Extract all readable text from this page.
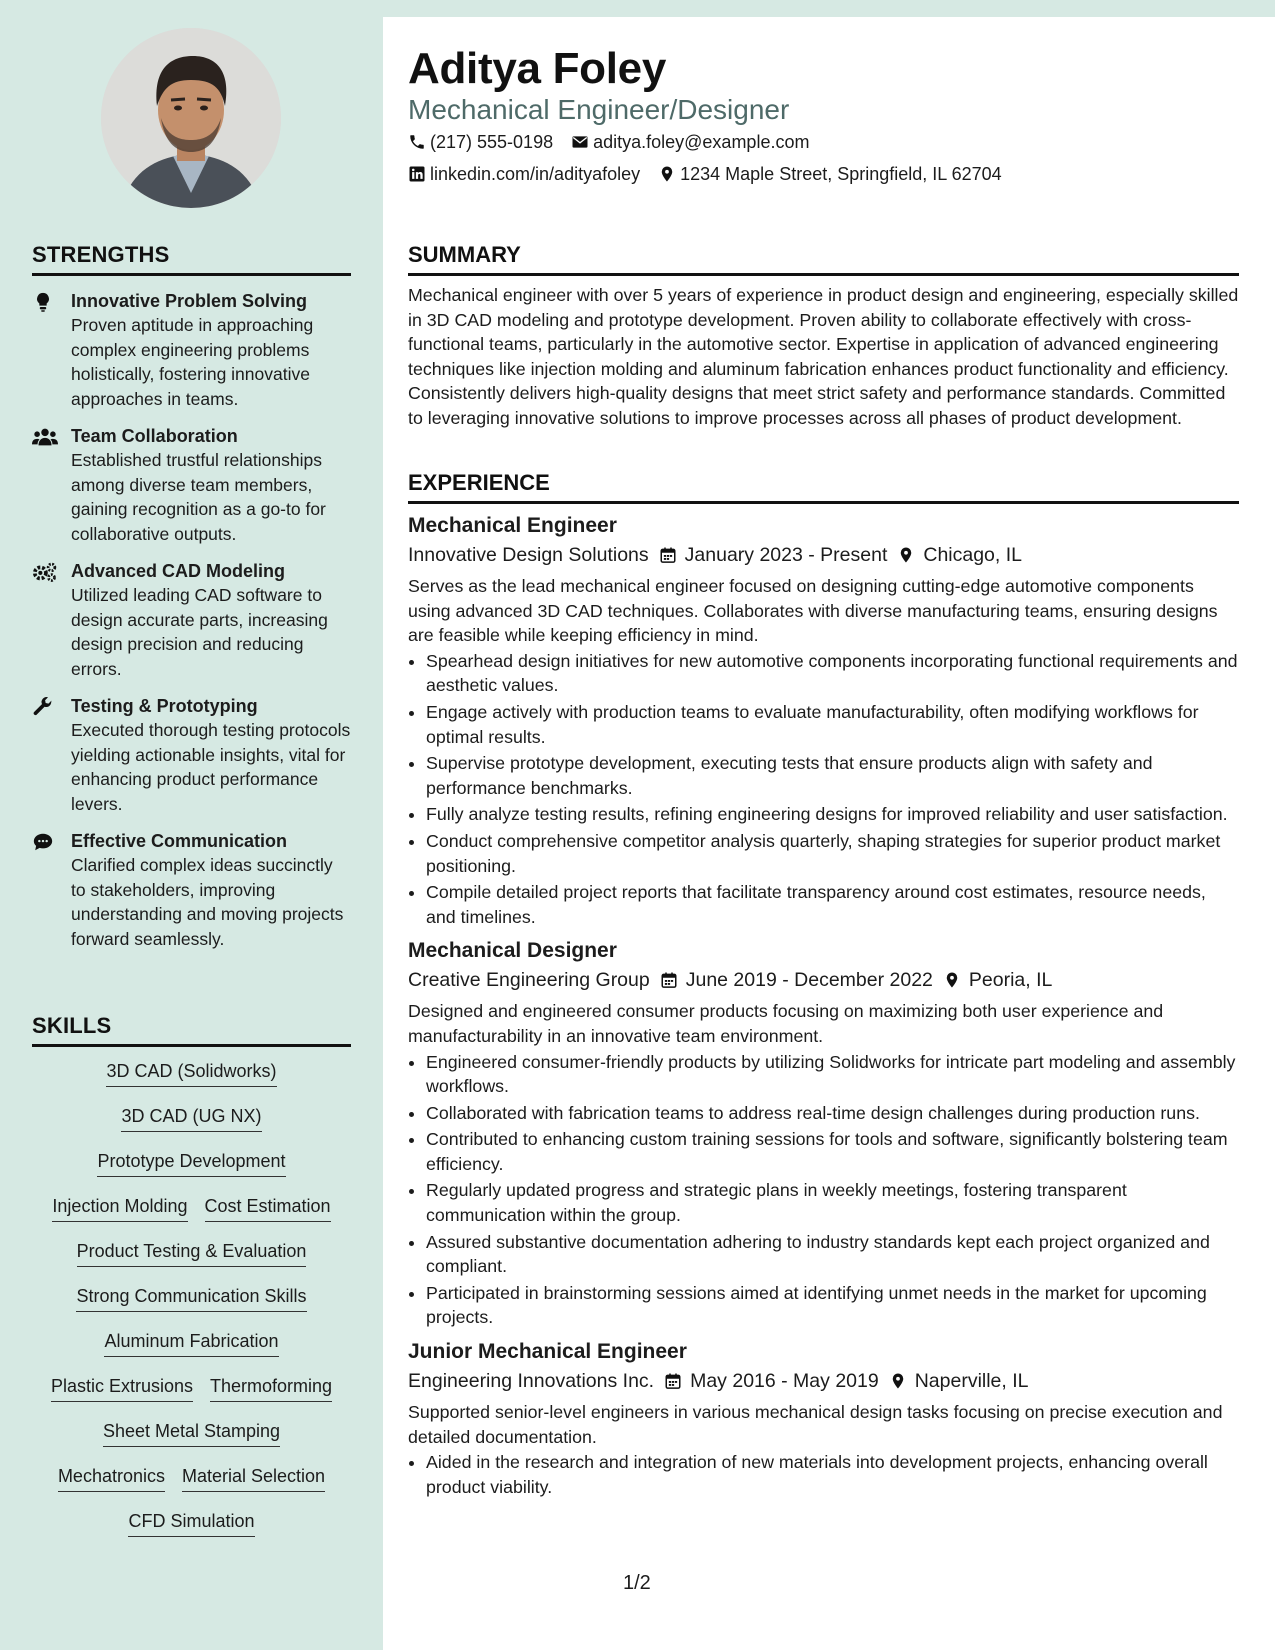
STRENGTHS
Innovative Problem Solving
Proven aptitude in approaching complex engineering problems holistically, fostering innovative approaches in teams.
Team Collaboration
Established trustful relationships among diverse team members, gaining recognition as a go-to for collaborative outputs.
Advanced CAD Modeling
Utilized leading CAD software to design accurate parts, increasing design precision and reducing errors.
Testing & Prototyping
Executed thorough testing protocols yielding actionable insights, vital for enhancing product performance levers.
Effective Communication
Clarified complex ideas succinctly to stakeholders, improving understanding and moving projects forward seamlessly.
SKILLS
3D CAD (Solidworks)
3D CAD (UG NX)
Prototype Development
Injection Molding Cost Estimation
Product Testing & Evaluation
Strong Communication Skills
Aluminum Fabrication
Plastic Extrusions Thermoforming
Sheet Metal Stamping
Mechatronics Material Selection
CFD Simulation
Aditya Foley
Mechanical Engineer/Designer
(217) 555-0198 aditya.foley@example.com
linkedin.com/in/adityafoley 1234 Maple Street, Springfield, IL 62704
SUMMARY

Mechanical engineer with over 5 years of experience in product design and engineering, especially skilled in 3D CAD modeling and prototype development. Proven ability to collaborate effectively with cross-functional teams, particularly in the automotive sector. Expertise in application of advanced engineering techniques like injection molding and aluminum fabrication enhances product functionality and efficiency. Consistently delivers high-quality designs that meet strict safety and performance standards. Committed to leveraging innovative solutions to improve processes across all phases of product development.

EXPERIENCE
Mechanical Engineer
Innovative Design Solutions January 2023 - Present Chicago, IL

Serves as the lead mechanical engineer focused on designing cutting-edge automotive components using advanced 3D CAD techniques. Collaborates with diverse manufacturing teams, ensuring designs are feasible while keeping efficiency in mind.

• Spearhead design initiatives for new automotive components incorporating functional requirements and aesthetic values.
• Engage actively with production teams to evaluate manufacturability, often modifying workflows for optimal results.
• Supervise prototype development, executing tests that ensure products align with safety and performance benchmarks.
• Fully analyze testing results, refining engineering designs for improved reliability and user satisfaction.
• Conduct comprehensive competitor analysis quarterly, shaping strategies for superior product market positioning.
• Compile detailed project reports that facilitate transparency around cost estimates, resource needs, and timelines.
Mechanical Designer
Creative Engineering Group June 2019 - December 2022 Peoria, IL

Designed and engineered consumer products focusing on maximizing both user experience and manufacturability in an innovative team environment.

• Engineered consumer-friendly products by utilizing Solidworks for intricate part modeling and assembly workflows.
• Collaborated with fabrication teams to address real-time design challenges during production runs.
• Contributed to enhancing custom training sessions for tools and software, significantly bolstering team efficiency.
• Regularly updated progress and strategic plans in weekly meetings, fostering transparent communication within the group.
• Assured substantive documentation adhering to industry standards kept each project organized and compliant.
• Participated in brainstorming sessions aimed at identifying unmet needs in the market for upcoming projects.
Junior Mechanical Engineer
Engineering Innovations Inc. May 2016 - May 2019 Naperville, IL

Supported senior-level engineers in various mechanical design tasks focusing on precise execution and detailed documentation.

• Aided in the research and integration of new materials into development projects, enhancing overall product viability.
1/2
